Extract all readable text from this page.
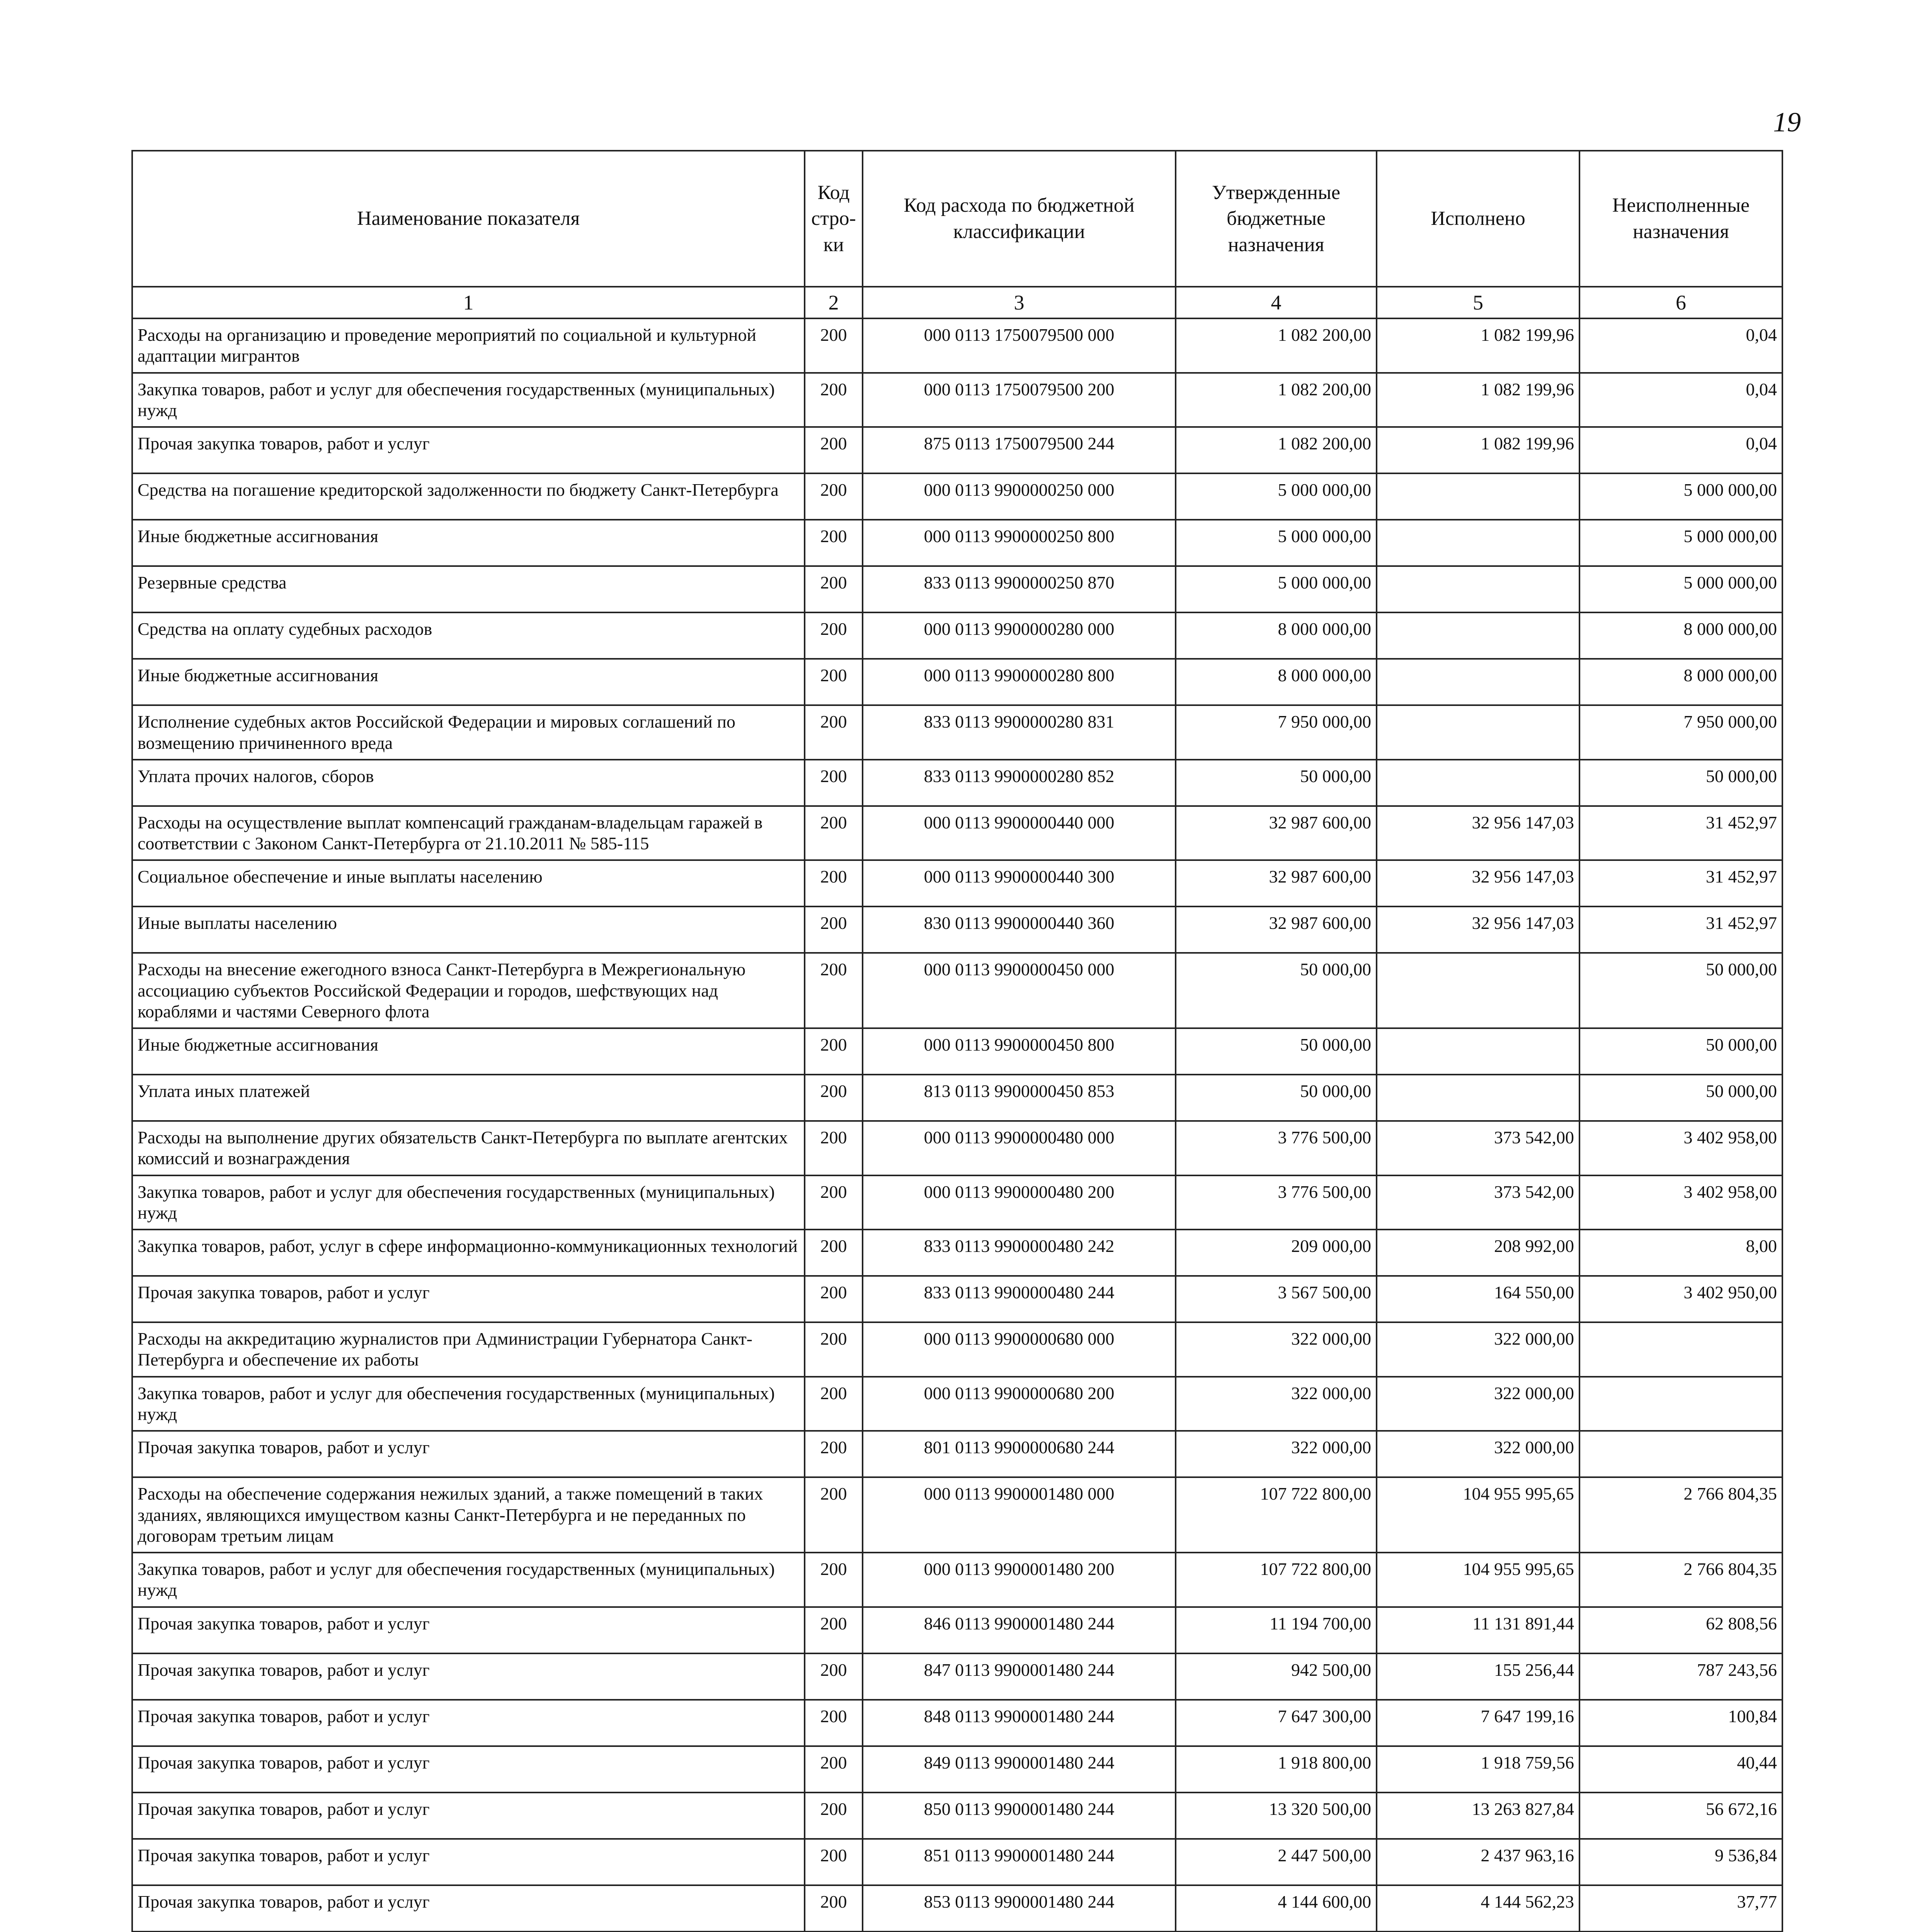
19
Наименование показателя	Код стро-ки	Код расхода по бюджетной классификации	Утвержденные бюджетные назначения	Исполнено	Неисполненные назначения
1	2	3	4	5	6
Расходы на организацию и проведение мероприятий по социальной и культурной адаптации мигрантов	200	000 0113 1750079500 000	1 082 200,00	1 082 199,96	0,04
Закупка товаров, работ и услуг для обеспечения государственных (муниципальных) нужд	200	000 0113 1750079500 200	1 082 200,00	1 082 199,96	0,04
Прочая закупка товаров, работ и услуг	200	875 0113 1750079500 244	1 082 200,00	1 082 199,96	0,04
Средства на погашение кредиторской задолженности по бюджету Санкт-Петербурга	200	000 0113 9900000250 000	5 000 000,00		5 000 000,00
Иные бюджетные ассигнования	200	000 0113 9900000250 800	5 000 000,00		5 000 000,00
Резервные средства	200	833 0113 9900000250 870	5 000 000,00		5 000 000,00
Средства на оплату судебных расходов	200	000 0113 9900000280 000	8 000 000,00		8 000 000,00
Иные бюджетные ассигнования	200	000 0113 9900000280 800	8 000 000,00		8 000 000,00
Исполнение судебных актов Российской Федерации и мировых соглашений по возмещению причиненного вреда	200	833 0113 9900000280 831	7 950 000,00		7 950 000,00
Уплата прочих налогов, сборов	200	833 0113 9900000280 852	50 000,00		50 000,00
Расходы на осуществление выплат компенсаций гражданам-владельцам гаражей в соответствии с Законом Санкт-Петербурга от 21.10.2011 № 585-115	200	000 0113 9900000440 000	32 987 600,00	32 956 147,03	31 452,97
Социальное обеспечение и иные выплаты населению	200	000 0113 9900000440 300	32 987 600,00	32 956 147,03	31 452,97
Иные выплаты населению	200	830 0113 9900000440 360	32 987 600,00	32 956 147,03	31 452,97
Расходы на внесение ежегодного взноса Санкт-Петербурга в Межрегиональную ассоциацию субъектов Российской Федерации и городов, шефствующих над кораблями и частями Северного флота	200	000 0113 9900000450 000	50 000,00		50 000,00
Иные бюджетные ассигнования	200	000 0113 9900000450 800	50 000,00		50 000,00
Уплата иных платежей	200	813 0113 9900000450 853	50 000,00		50 000,00
Расходы на выполнение других обязательств Санкт-Петербурга по выплате агентских комиссий и вознаграждения	200	000 0113 9900000480 000	3 776 500,00	373 542,00	3 402 958,00
Закупка товаров, работ и услуг для обеспечения государственных (муниципальных) нужд	200	000 0113 9900000480 200	3 776 500,00	373 542,00	3 402 958,00
Закупка товаров, работ, услуг в сфере информационно-коммуникационных технологий	200	833 0113 9900000480 242	209 000,00	208 992,00	8,00
Прочая закупка товаров, работ и услуг	200	833 0113 9900000480 244	3 567 500,00	164 550,00	3 402 950,00
Расходы на аккредитацию журналистов при Администрации Губернатора Санкт-Петербурга и обеспечение их работы	200	000 0113 9900000680 000	322 000,00	322 000,00	
Закупка товаров, работ и услуг для обеспечения государственных (муниципальных) нужд	200	000 0113 9900000680 200	322 000,00	322 000,00	
Прочая закупка товаров, работ и услуг	200	801 0113 9900000680 244	322 000,00	322 000,00	
Расходы на обеспечение содержания нежилых зданий, а также помещений в таких зданиях, являющихся имуществом казны Санкт-Петербурга и не переданных по договорам третьим лицам	200	000 0113 9900001480 000	107 722 800,00	104 955 995,65	2 766 804,35
Закупка товаров, работ и услуг для обеспечения государственных (муниципальных) нужд	200	000 0113 9900001480 200	107 722 800,00	104 955 995,65	2 766 804,35
Прочая закупка товаров, работ и услуг	200	846 0113 9900001480 244	11 194 700,00	11 131 891,44	62 808,56
Прочая закупка товаров, работ и услуг	200	847 0113 9900001480 244	942 500,00	155 256,44	787 243,56
Прочая закупка товаров, работ и услуг	200	848 0113 9900001480 244	7 647 300,00	7 647 199,16	100,84
Прочая закупка товаров, работ и услуг	200	849 0113 9900001480 244	1 918 800,00	1 918 759,56	40,44
Прочая закупка товаров, работ и услуг	200	850 0113 9900001480 244	13 320 500,00	13 263 827,84	56 672,16
Прочая закупка товаров, работ и услуг	200	851 0113 9900001480 244	2 447 500,00	2 437 963,16	9 536,84
Прочая закупка товаров, работ и услуг	200	853 0113 9900001480 244	4 144 600,00	4 144 562,23	37,77
